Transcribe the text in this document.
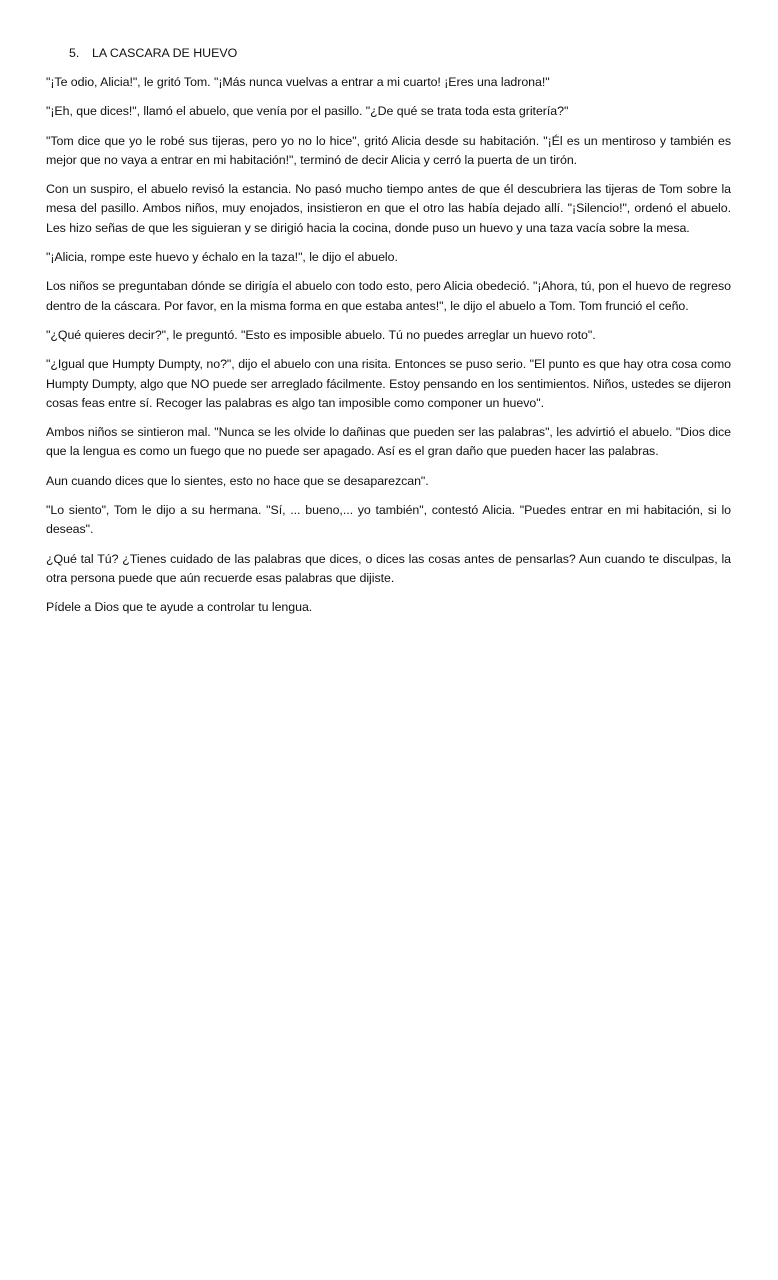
5.	LA CASCARA DE HUEVO

"¡Te odio, Alicia!", le gritó Tom. "¡Más nunca vuelvas a entrar a mi cuarto! ¡Eres una ladrona!"

"¡Eh, que dices!", llamó el abuelo, que venía por el pasillo. "¿De qué se trata toda esta gritería?"

"Tom dice que yo le robé sus tijeras, pero yo no lo hice", gritó Alicia desde su habitación. "¡Él es un mentiroso y también es mejor que no vaya a entrar en mi habitación!", terminó de decir Alicia y cerró la puerta de un tirón.

Con un suspiro, el abuelo revisó la estancia. No pasó mucho tiempo antes de que él descubriera las tijeras de Tom sobre la mesa del pasillo. Ambos niños, muy enojados, insistieron en que el otro las había dejado allí. "¡Silencio!", ordenó el abuelo. Les hizo señas de que les siguieran y se dirigió hacia la cocina, donde puso un huevo y una taza vacía sobre la mesa.

"¡Alicia, rompe este huevo y échalo en la taza!", le dijo el abuelo.

Los niños se preguntaban dónde se dirigía el abuelo con todo esto, pero Alicia obedeció. "¡Ahora, tú, pon el huevo de regreso dentro de la cáscara. Por favor, en la misma forma en que estaba antes!", le dijo el abuelo a Tom. Tom frunció el ceño.

"¿Qué quieres decir?", le preguntó. "Esto es imposible abuelo. Tú no puedes arreglar un huevo roto".

"¿Igual que Humpty Dumpty, no?", dijo el abuelo con una risita. Entonces se puso serio. "El punto es que hay otra cosa como Humpty Dumpty, algo que NO puede ser arreglado fácilmente. Estoy pensando en los sentimientos. Niños, ustedes se dijeron cosas feas entre sí. Recoger las palabras es algo tan imposible como componer un huevo".

Ambos niños se sintieron mal. "Nunca se les olvide lo dañinas que pueden ser las palabras", les advirtió el abuelo. "Dios dice que la lengua es como un fuego que no puede ser apagado. Así es el gran daño que pueden hacer las palabras.

Aun cuando dices que lo sientes, esto no hace que se desaparezcan".

"Lo siento", Tom le dijo a su hermana. "Sí, ... bueno,... yo también", contestó Alicia. "Puedes entrar en mi habitación, si lo deseas".

¿Qué tal Tú? ¿Tienes cuidado de las palabras que dices, o dices las cosas antes de pensarlas? Aun cuando te disculpas, la otra persona puede que aún recuerde esas palabras que dijiste.

Pídele a Dios que te ayude a controlar tu lengua.
